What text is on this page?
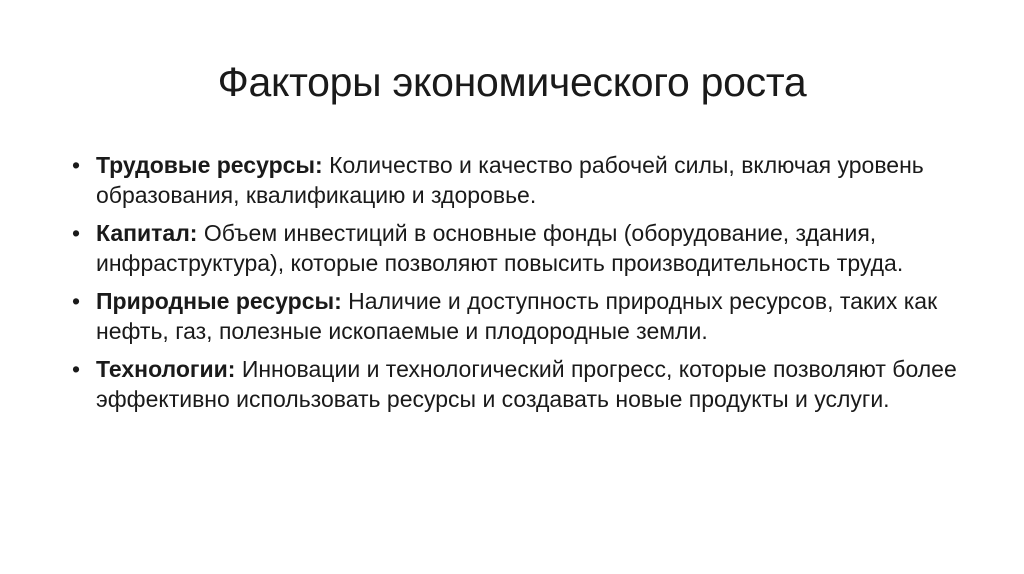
Факторы экономического роста
• Трудовые ресурсы: Количество и качество рабочей силы, включая уровень образования, квалификацию и здоровье.
• Капитал: Объем инвестиций в основные фонды (оборудование, здания, инфраструктура), которые позволяют повысить производительность труда.
• Природные ресурсы: Наличие и доступность природных ресурсов, таких как нефть, газ, полезные ископаемые и плодородные земли.
• Технологии: Инновации и технологический прогресс, которые позволяют более эффективно использовать ресурсы и создавать новые продукты и услуги.
